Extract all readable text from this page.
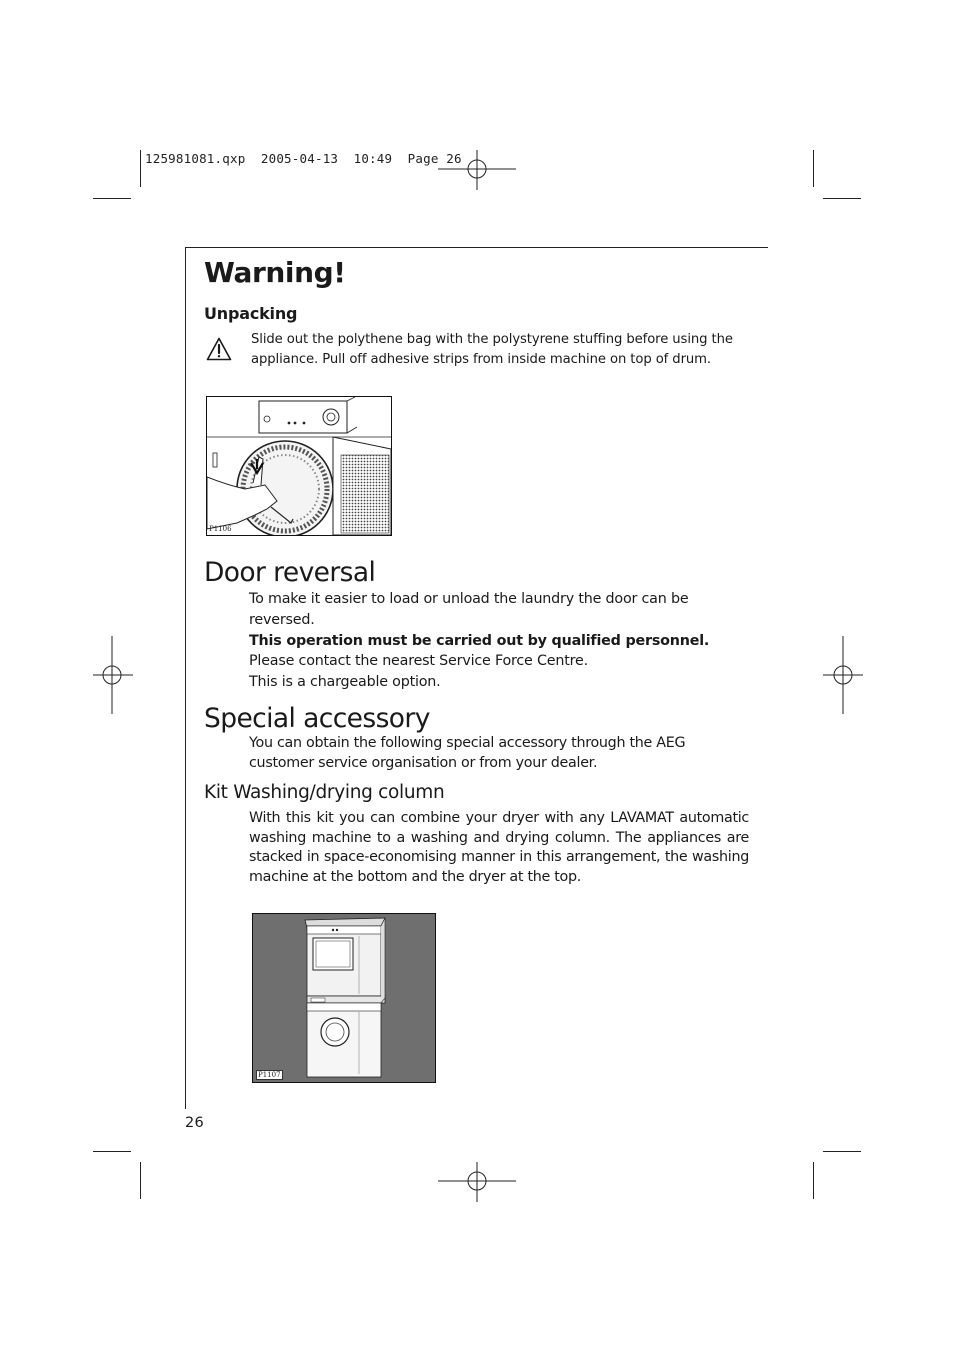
125981081.qxp  2005-04-13  10:49  Page 26
Warning!
Unpacking

Slide out the polythene bag with the polystyrene stuffing before using the appliance. Pull off adhesive strips from inside machine on top of drum.

P1106
Door reversal
To make it easier to load or unload the laundry the door can be
reversed.
This operation must be carried out by qualified personnel.
Please contact the nearest Service Force Centre.
This is a chargeable option.
Special accessory

You can obtain the following special accessory through the AEG customer service organisation or from your dealer.

Kit Washing/drying column

With this kit you can combine your dryer with any LAVAMAT automatic washing machine to a washing and drying column. The appliances are stacked in space-economising manner in this arrangement, the washing machine at the bottom and the dryer at the top.

P1107
26
